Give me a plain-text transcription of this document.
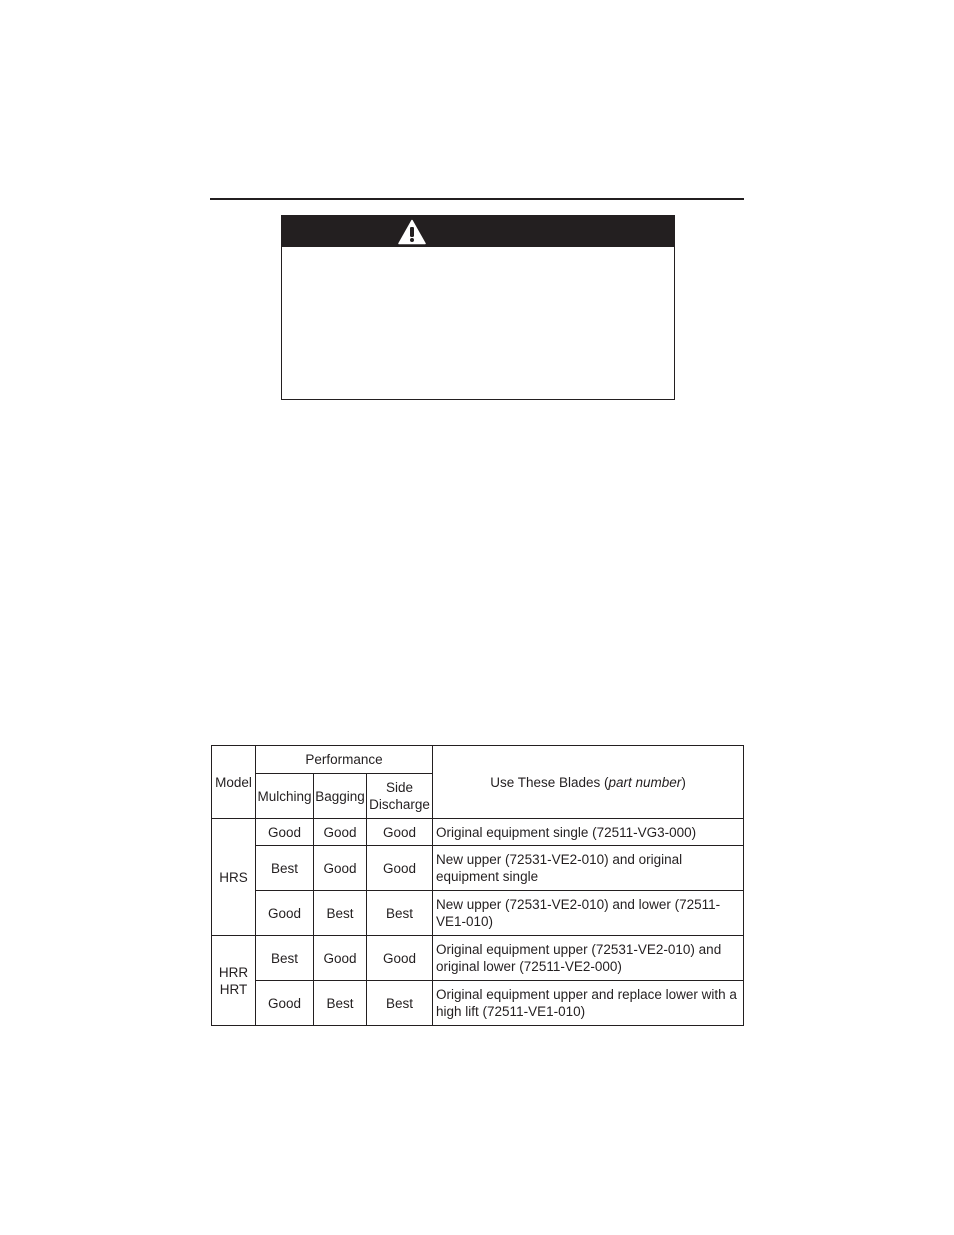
Model	Performance			Use These Blades (part number)
	Mulching	Bagging	Side
Discharge	
HRS	Good	Good	Good	Original equipment single (72511-VG3-000)
	Best	Good	Good	New upper (72531-VE2-010) and original equipment single
	Good	Best	Best	New upper (72531-VE2-010) and lower (72511-VE1-010)
HRR
HRT	Best	Good	Good	Original equipment upper (72531-VE2-010) and original lower (72511-VE2-000)
	Good	Best	Best	Original equipment upper and replace lower with a high lift (72511-VE1-010)
